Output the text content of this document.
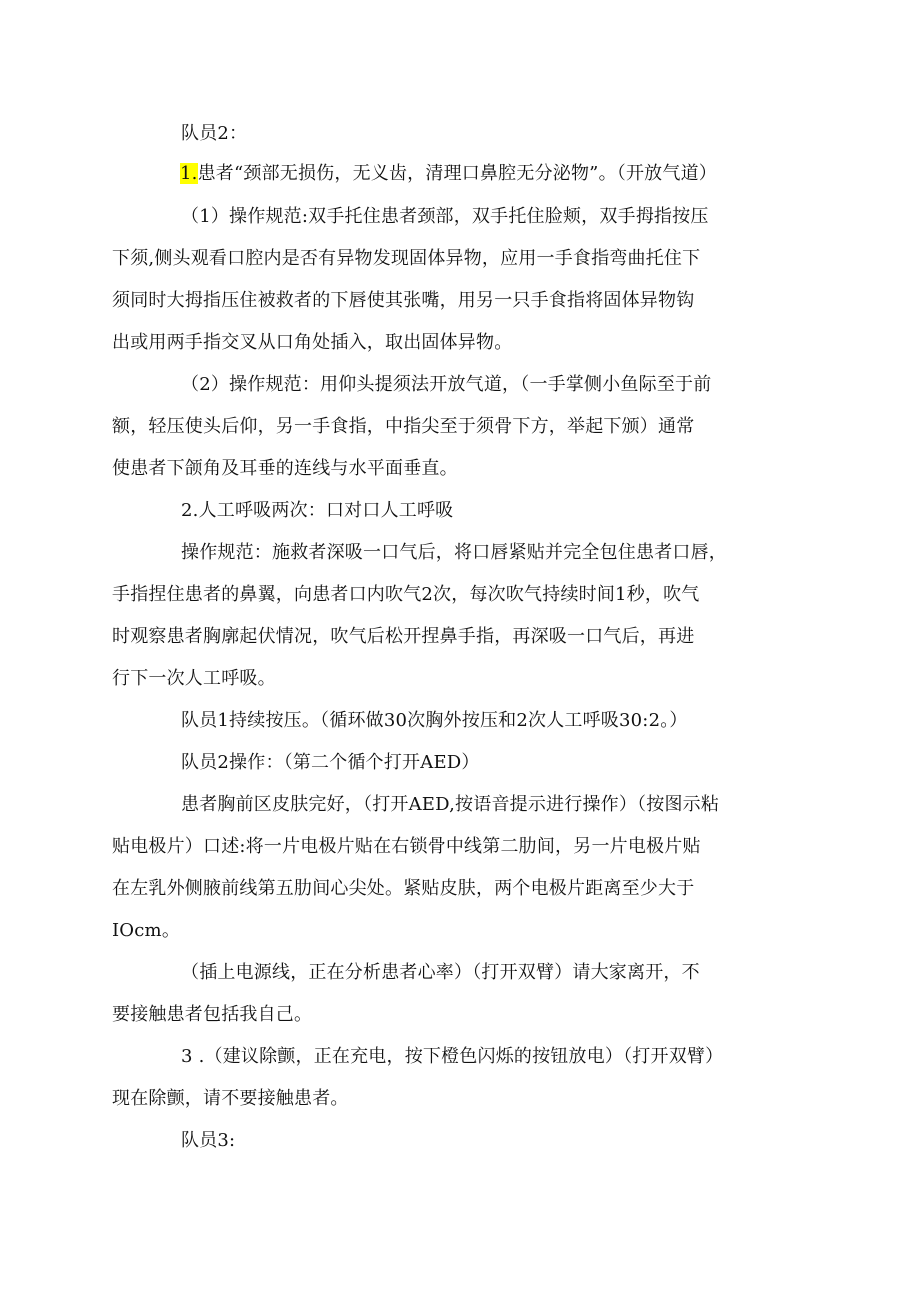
队员2：
1.患者“颈部无损伤，无义齿，清理口鼻腔无分泌物”。（开放气道）
（1）操作规范:双手托住患者颈部，双手托住脸颊，双手拇指按压
下须,侧头观看口腔内是否有异物发现固体异物，应用一手食指弯曲托住下
须同时大拇指压住被救者的下唇使其张嘴，用另一只手食指将固体异物钩
出或用两手指交叉从口角处插入，取出固体异物。
（2）操作规范：用仰头提须法开放气道，（一手掌侧小鱼际至于前
额，轻压使头后仰，另一手食指，中指尖至于须骨下方，举起下颁）通常
使患者下颌角及耳垂的连线与水平面垂直。
2.人工呼吸两次：口对口人工呼吸
操作规范：施救者深吸一口气后，将口唇紧贴并完全包住患者口唇，
手指捏住患者的鼻翼，向患者口内吹气2次，每次吹气持续时间1秒，吹气
时观察患者胸廓起伏情况，吹气后松开捏鼻手指，再深吸一口气后，再进
行下一次人工呼吸。
队员1持续按压。（循环做30次胸外按压和2次人工呼吸30:2。）
队员2操作：（第二个循个打开AED）
患者胸前区皮肤完好，（打开AED,按语音提示进行操作）（按图示粘
贴电极片）口述:将一片电极片贴在右锁骨中线第二肋间，另一片电极片贴
在左乳外侧腋前线第五肋间心尖处。紧贴皮肤，两个电极片距离至少大于
IOcm。
（插上电源线，正在分析患者心率）（打开双臂）请大家离开，不
要接触患者包括我自己。
3 .（建议除颤，正在充电，按下橙色闪烁的按钮放电）（打开双臂）
现在除颤，请不要接触患者。
队员3:
